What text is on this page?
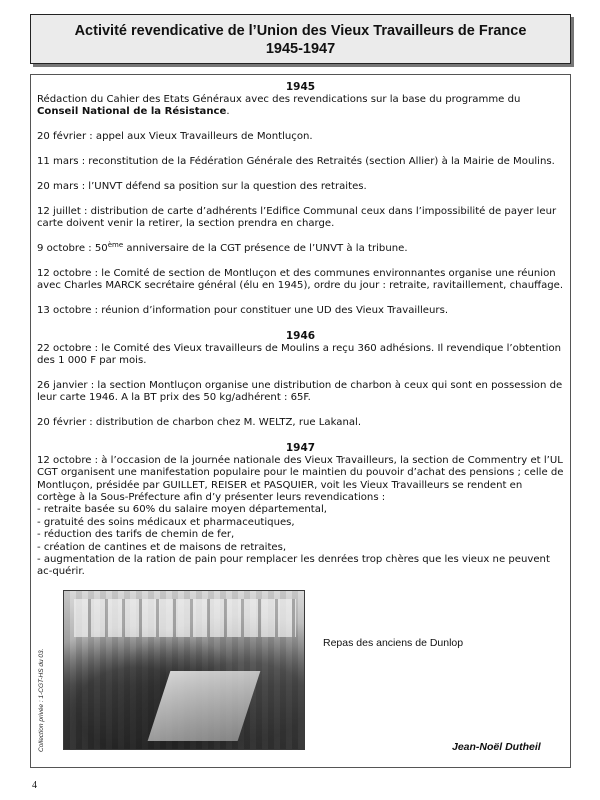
Activité revendicative de l’Union des Vieux Travailleurs de France
1945-1947
1945

Rédaction du Cahier des Etats Généraux avec des revendications sur la base du programme du Conseil National de la Résistance.

20 février : appel aux Vieux Travailleurs de Montluçon.

11 mars : reconstitution de la Fédération Générale des Retraités (section Allier) à la Mairie de Moulins.

20 mars : l’UNVT défend sa position sur la question des retraites.

12 juillet : distribution de carte d’adhérents l’Edifice Communal ceux dans l’impossibilité de payer leur carte doivent venir la retirer, la section prendra en charge.

9 octobre : 50ème anniversaire de la CGT présence de l’UNVT à la tribune.

12 octobre : le Comité de section de Montluçon et des communes environnantes organise une réunion avec Charles MARCK secrétaire général (élu en 1945), ordre du jour : retraite, ravitaillement, chauffage.

13 octobre : réunion d’information pour constituer une UD des Vieux Travailleurs.

1946

22 octobre : le Comité des Vieux travailleurs de Moulins a reçu 360 adhésions. Il revendique l’obtention des 1 000 F par mois.

26 janvier : la section Montluçon organise une distribution de charbon à ceux qui sont en possession de leur carte 1946. A la BT prix des 50 kg/adhérent : 65F.

20 février : distribution de charbon chez M. WELTZ, rue Lakanal.

1947

12 octobre : à l’occasion de la journée nationale des Vieux Travailleurs, la section de Commentry et l’UL CGT organisent une manifestation populaire pour le maintien du pouvoir d’achat des pensions ; celle de Montluçon, présidée par GUILLET, REISER et PASQUIER, voit les Vieux Travailleurs se rendent en cortège à la Sous-Préfecture afin d’y présenter leurs revendications :

- retraite basée su 60% du salaire moyen départemental,

- gratuité des soins médicaux et pharmaceutiques,

- réduction des tarifs de chemin de fer,

- création de cantines et de maisons de retraites,

- augmentation de la ration de pain pour remplacer les denrées trop chères que les vieux ne peuvent ac-quérir.

Collection privée : 1-CGT-HS du 03.
Repas des anciens de Dunlop
Jean-Noël Dutheil
4
